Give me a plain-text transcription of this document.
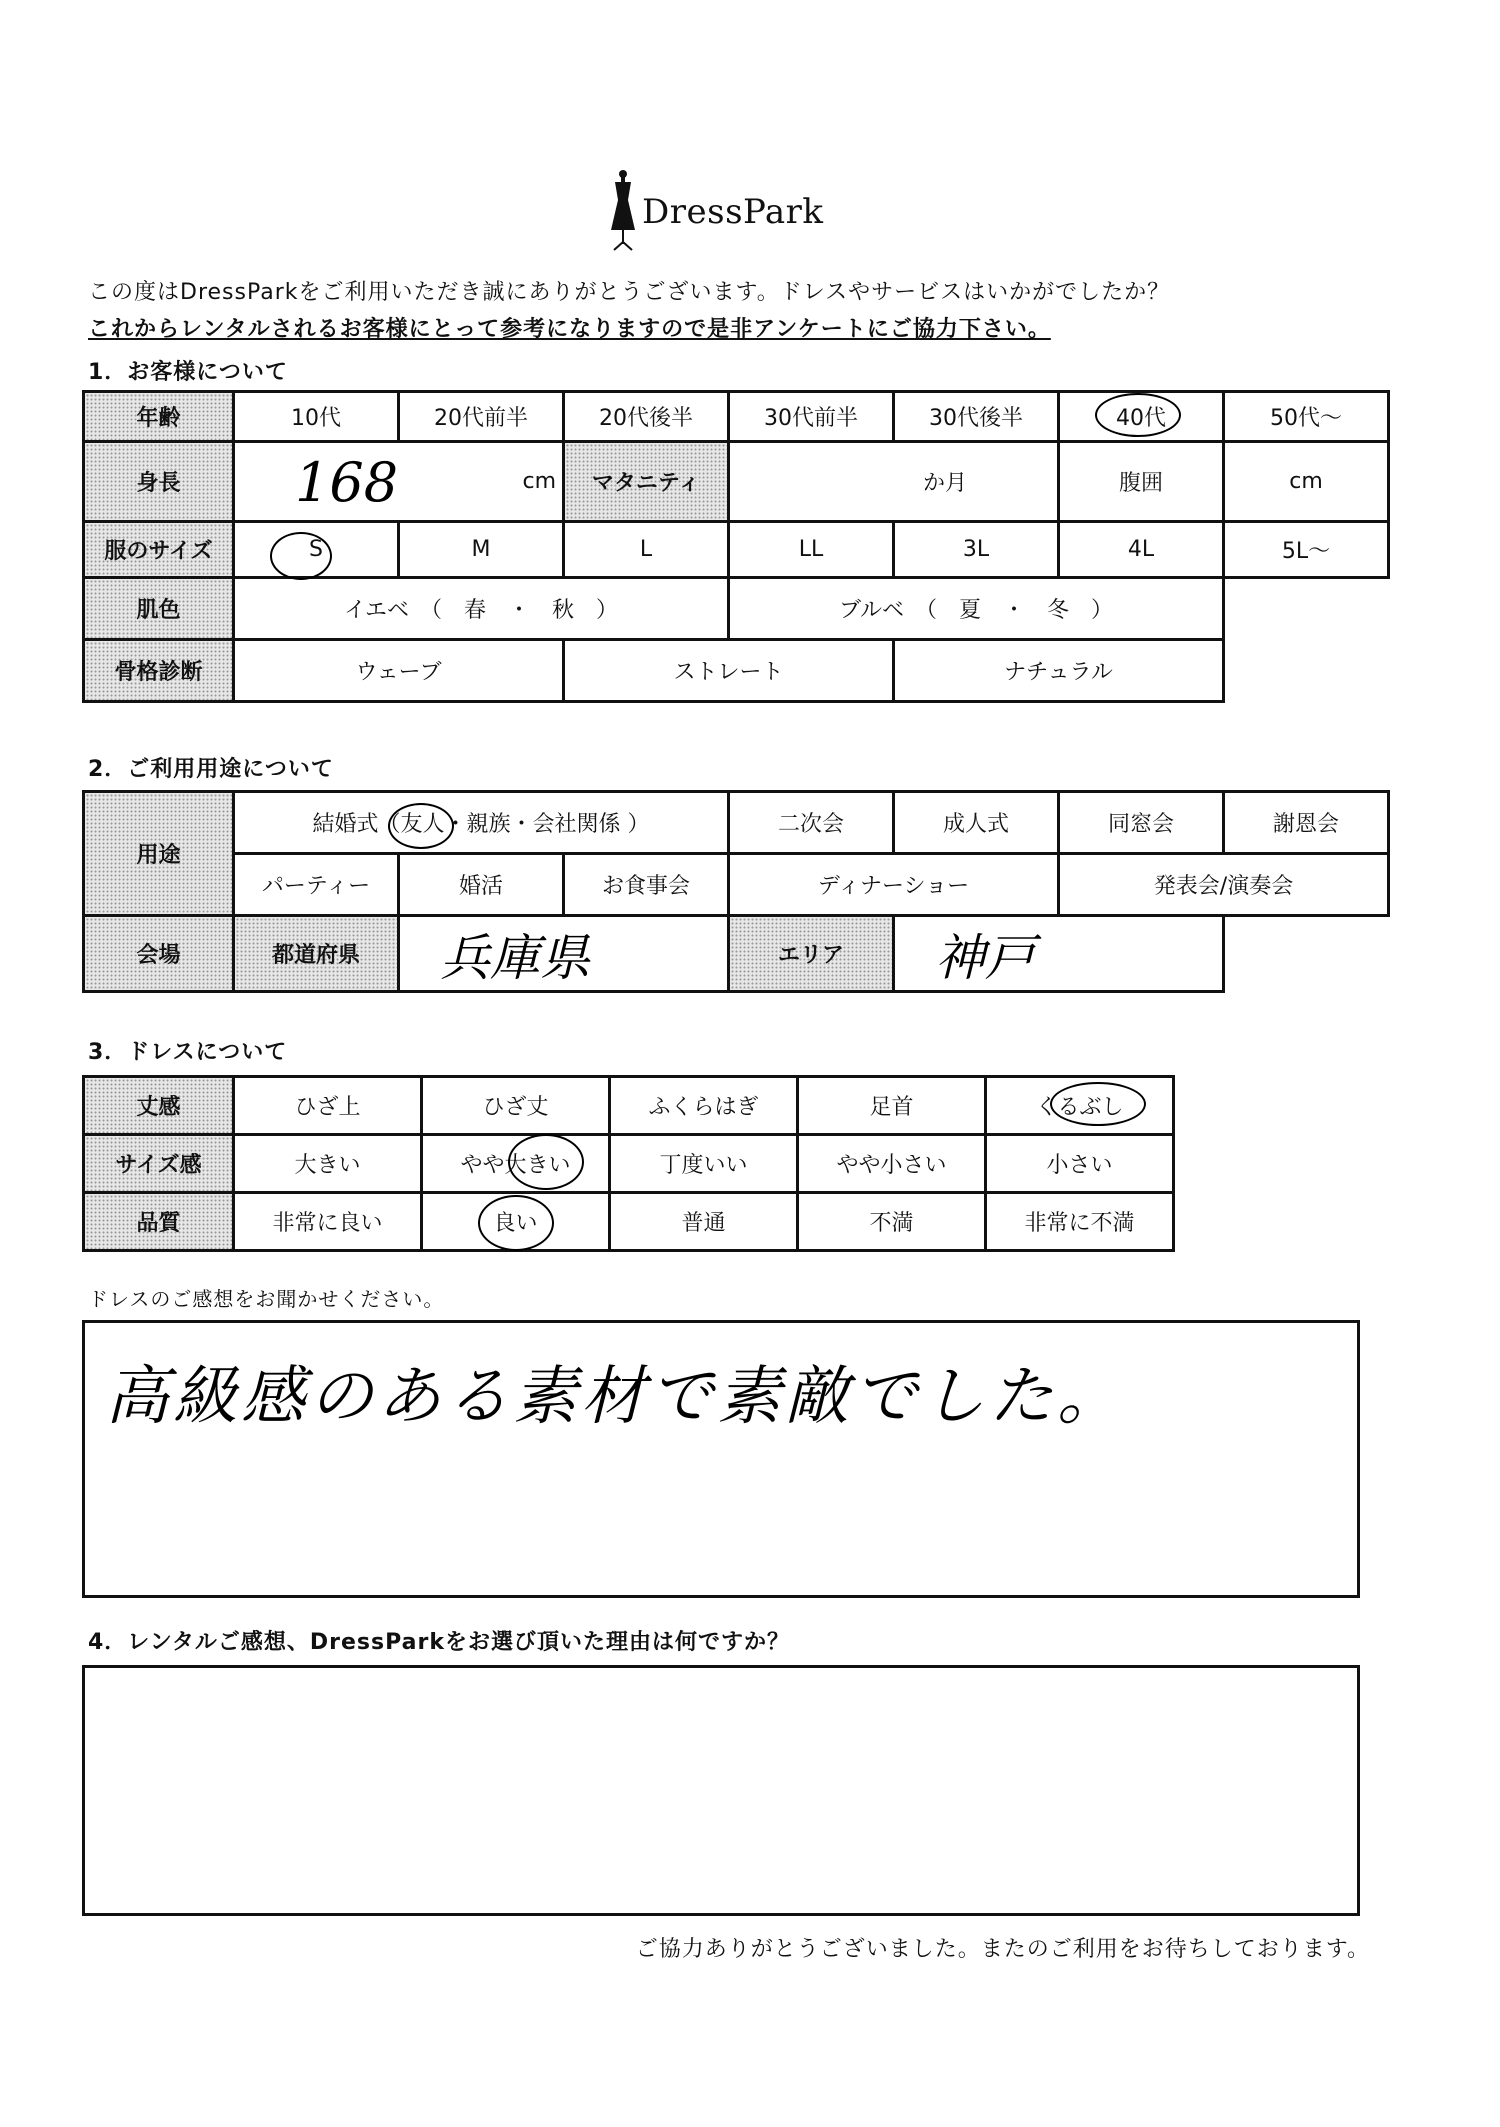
DressPark
この度はDressParkをご利用いただき誠にありがとうございます。ドレスやサービスはいかがでしたか？
これからレンタルされるお客様にとって参考になりますので是非アンケートにご協力下さい。
1．お客様について
年齢	10代	20代前半	20代後半	30代前半	30代後半	40代	50代～
身長	168 cm		マタニティ	か月		腹囲	cm
服のサイズ	S	M	L	LL	3L	4L	5L～
肌色	イエベ　（　春　・　秋　）			ブルベ　（　夏　・　冬　）			
骨格診断	ウェーブ		ストレート		ナチュラル		
2．ご利用用途について
用途	結婚式（友人・親族・会社関係 ）			二次会	成人式	同窓会	謝恩会
	パーティー	婚活	お食事会	ディナーショー		発表会/演奏会	
会場	都道府県	兵庫県		エリア	神戸		
3．ドレスについて
丈感	ひざ上	ひざ丈	ふくらはぎ	足首	くるぶし
サイズ感	大きい	やや大きい	丁度いい	やや小さい	小さい
品質	非常に良い	良い	普通	不満	非常に不満
ドレスのご感想をお聞かせください。
高級感のある素材で素敵でした。
4．レンタルご感想、DressParkをお選び頂いた理由は何ですか？
ご協力ありがとうございました。またのご利用をお待ちしております。
